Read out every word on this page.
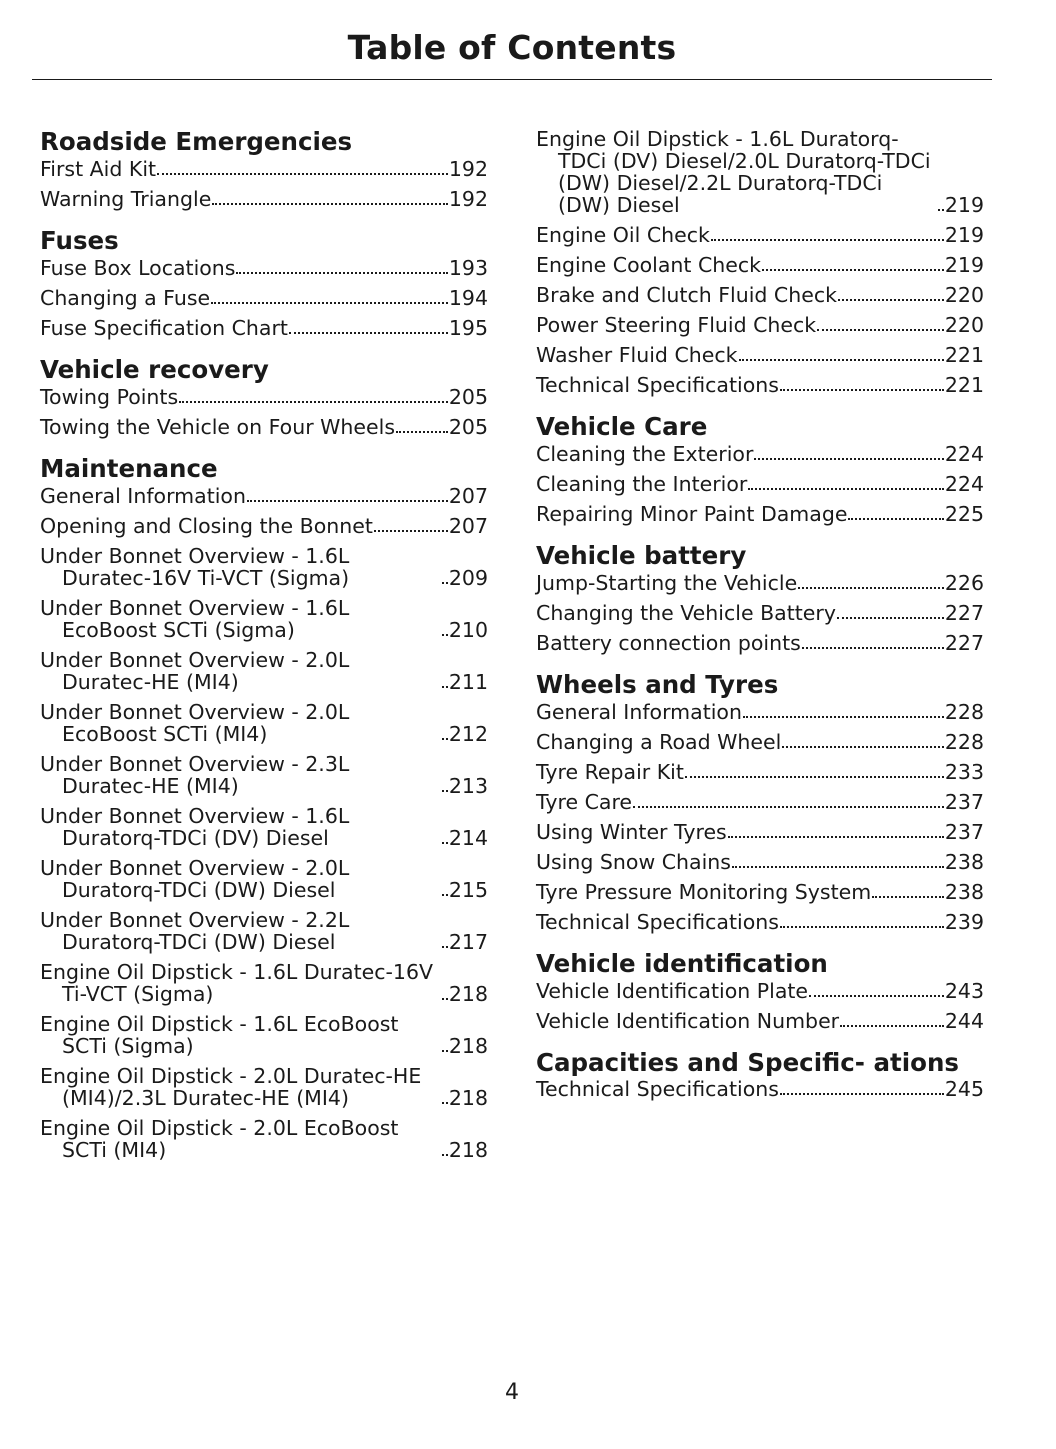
Table of Contents
Roadside Emergencies
First Aid Kit	192
Warning Triangle	192
Fuses
Fuse Box Locations	193
Changing a Fuse	194
Fuse Specification Chart	195
Vehicle recovery
Towing Points	205
Towing the Vehicle on Four Wheels	205
Maintenance
General Information	207
Opening and Closing the Bonnet	207
Under Bonnet Overview - 1.6L Duratec-16V Ti-VCT (Sigma)	209
Under Bonnet Overview - 1.6L EcoBoost SCTi (Sigma)	210
Under Bonnet Overview - 2.0L Duratec-HE (MI4)	211
Under Bonnet Overview - 2.0L EcoBoost SCTi (MI4)	212
Under Bonnet Overview - 2.3L Duratec-HE (MI4)	213
Under Bonnet Overview - 1.6L Duratorq-TDCi (DV) Diesel	214
Under Bonnet Overview - 2.0L Duratorq-TDCi (DW) Diesel	215
Under Bonnet Overview - 2.2L Duratorq-TDCi (DW) Diesel	217
Engine Oil Dipstick - 1.6L Duratec-16V Ti-VCT (Sigma)	218
Engine Oil Dipstick - 1.6L EcoBoost SCTi (Sigma)	218
Engine Oil Dipstick - 2.0L Duratec-HE (MI4)/2.3L Duratec-HE (MI4)	218
Engine Oil Dipstick - 2.0L EcoBoost SCTi (MI4)	218
Engine Oil Dipstick - 1.6L Duratorq-TDCi (DV) Diesel/2.0L Duratorq-TDCi (DW) Diesel/2.2L Duratorq-TDCi (DW) Diesel	219
Engine Oil Check	219
Engine Coolant Check	219
Brake and Clutch Fluid Check	220
Power Steering Fluid Check	220
Washer Fluid Check	221
Technical Specifications	221
Vehicle Care
Cleaning the Exterior	224
Cleaning the Interior	224
Repairing Minor Paint Damage	225
Vehicle battery
Jump-Starting the Vehicle	226
Changing the Vehicle Battery	227
Battery connection points	227
Wheels and Tyres
General Information	228
Changing a Road Wheel	228
Tyre Repair Kit	233
Tyre Care	237
Using Winter Tyres	237
Using Snow Chains	238
Tyre Pressure Monitoring System	238
Technical Specifications	239
Vehicle identification
Vehicle Identification Plate	243
Vehicle Identification Number	244
Capacities and Specific- ations
Technical Specifications	245
4
